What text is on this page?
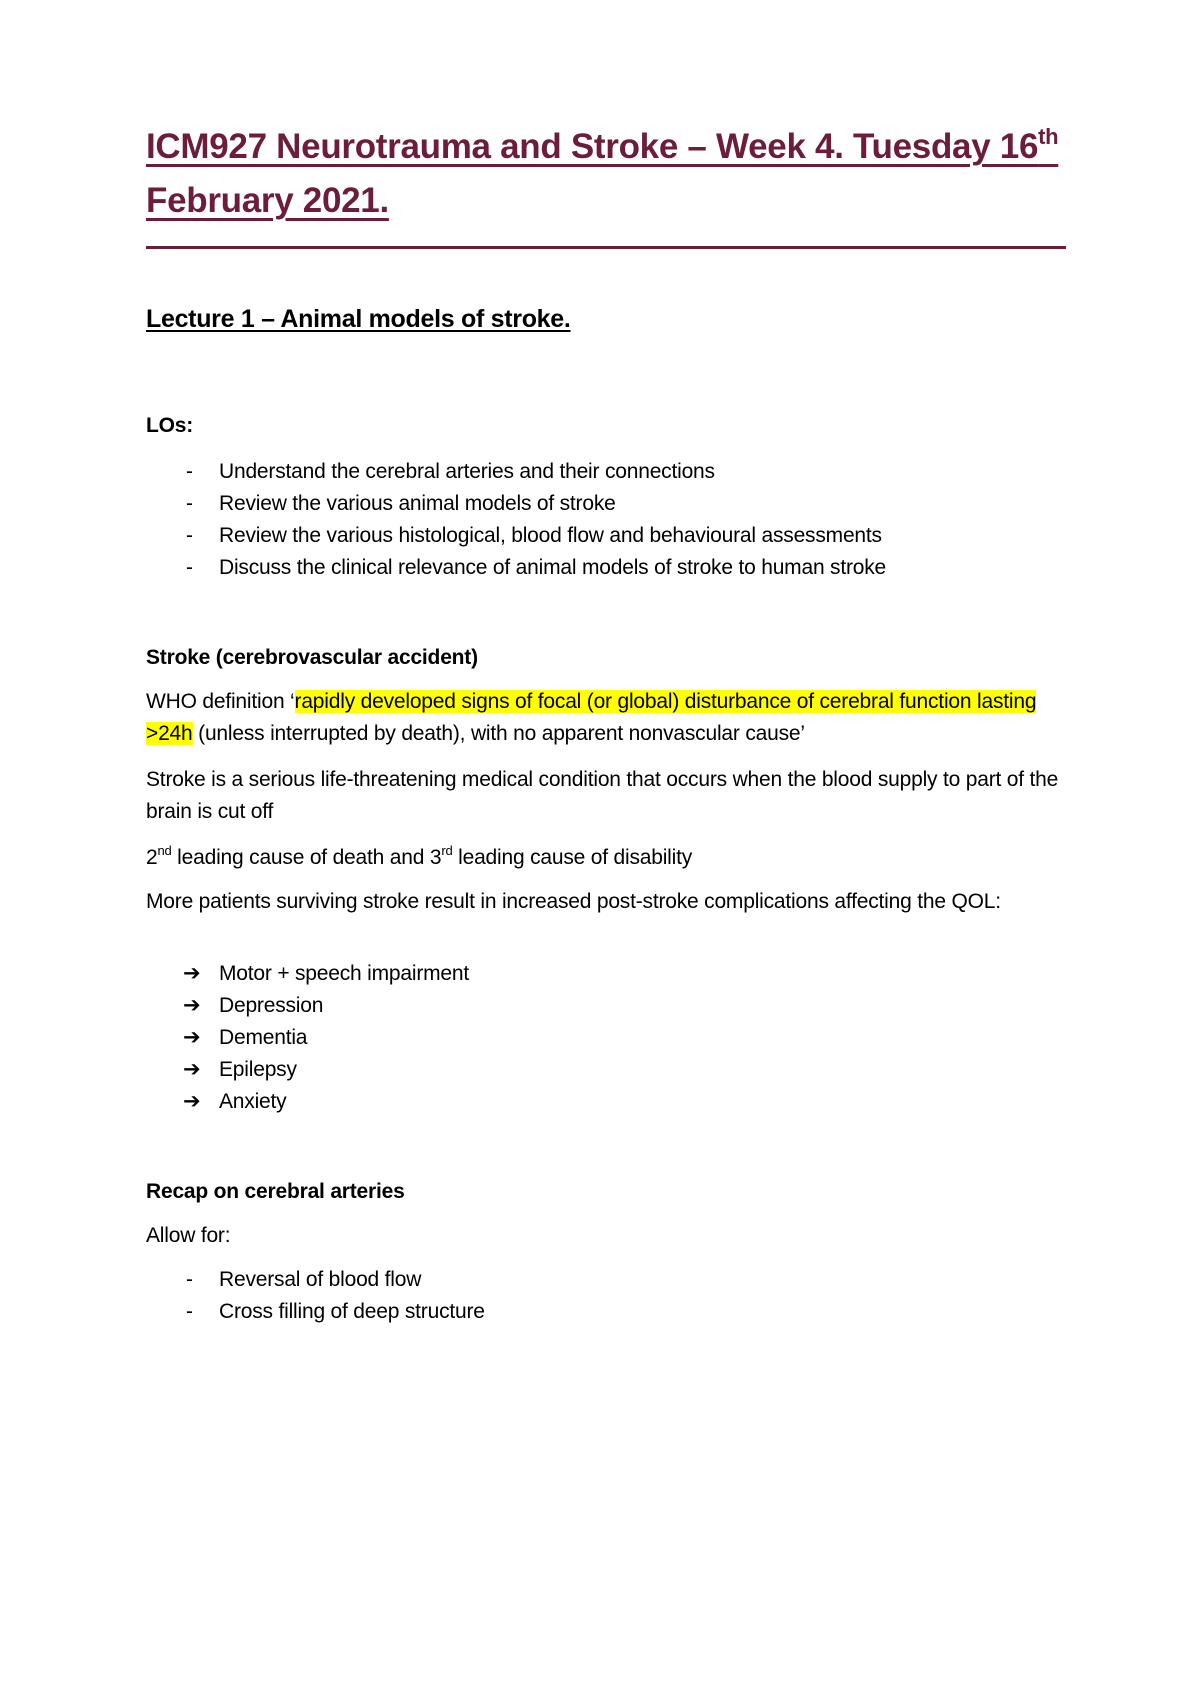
ICM927 Neurotrauma and Stroke – Week 4. Tuesday 16th February 2021.
Lecture 1 – Animal models of stroke.
LOs:
- Understand the cerebral arteries and their connections
- Review the various animal models of stroke
- Review the various histological, blood flow and behavioural assessments
- Discuss the clinical relevance of animal models of stroke to human stroke
Stroke (cerebrovascular accident)
WHO definition ‘rapidly developed signs of focal (or global) disturbance of cerebral function lasting >24h (unless interrupted by death), with no apparent nonvascular cause’
Stroke is a serious life-threatening medical condition that occurs when the blood supply to part of the brain is cut off
2nd leading cause of death and 3rd leading cause of disability
More patients surviving stroke result in increased post-stroke complications affecting the QOL:
➔ Motor + speech impairment
➔ Depression
➔ Dementia
➔ Epilepsy
➔ Anxiety
Recap on cerebral arteries
Allow for:
- Reversal of blood flow
- Cross filling of deep structure
